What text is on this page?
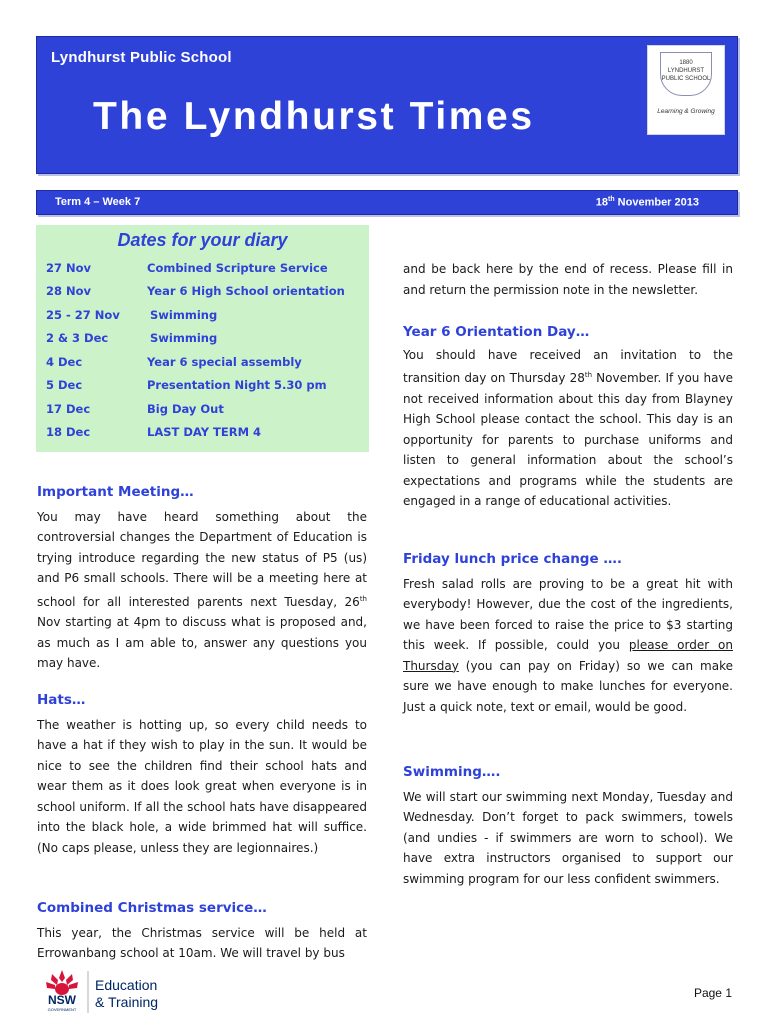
Lyndhurst Public School
The Lyndhurst Times
1880
LYNDHURST
PUBLIC SCHOOL
Learning & Growing
Term 4 – Week 7	18th November 2013
Dates for your diary
27 Nov	Combined Scripture Service
28 Nov	Year 6 High School orientation
25 - 27 Nov	Swimming
2 & 3 Dec	Swimming
4 Dec	Year 6 special assembly
5 Dec	Presentation Night 5.30 pm
17 Dec	Big Day Out
18 Dec	LAST DAY TERM 4
Important Meeting…

You may have heard something about the controversial changes the Department of Education is trying introduce regarding the new status of P5 (us) and P6 small schools. There will be a meeting here at school for all interested parents next Tuesday, 26th Nov starting at 4pm to discuss what is proposed and, as much as I am able to, answer any questions you may have.

Hats…

The weather is hotting up, so every child needs to have a hat if they wish to play in the sun. It would be nice to see the children find their school hats and wear them as it does look great when everyone is in school uniform. If all the school hats have disappeared into the black hole, a wide brimmed hat will suffice. (No caps please, unless they are legionnaires.)

Combined Christmas service…

This year, the Christmas service will be held at Errowanbang school at 10am. We will travel by bus

and be back here by the end of recess. Please fill in and return the permission note in the newsletter.

Year 6 Orientation Day…

You should have received an invitation to the transition day on Thursday 28th November. If you have not received information about this day from Blayney High School please contact the school. This day is an opportunity for parents to purchase uniforms and listen to general information about the school’s expectations and programs while the students are engaged in a range of educational activities.

Friday lunch price change ….

Fresh salad rolls are proving to be a great hit with everybody! However, due the cost of the ingredients, we have been forced to raise the price to $3 starting this week. If possible, could you please order on Thursday (you can pay on Friday) so we can make sure we have enough to make lunches for everyone. Just a quick note, text or email, would be good.

Swimming….

We will start our swimming next Monday, Tuesday and Wednesday. Don’t forget to pack swimmers, towels (and undies - if swimmers are worn to school). We have extra instructors organised to support our swimming program for our less confident swimmers.

NSW
GOVERNMENT
Education
& Training
Page 1
